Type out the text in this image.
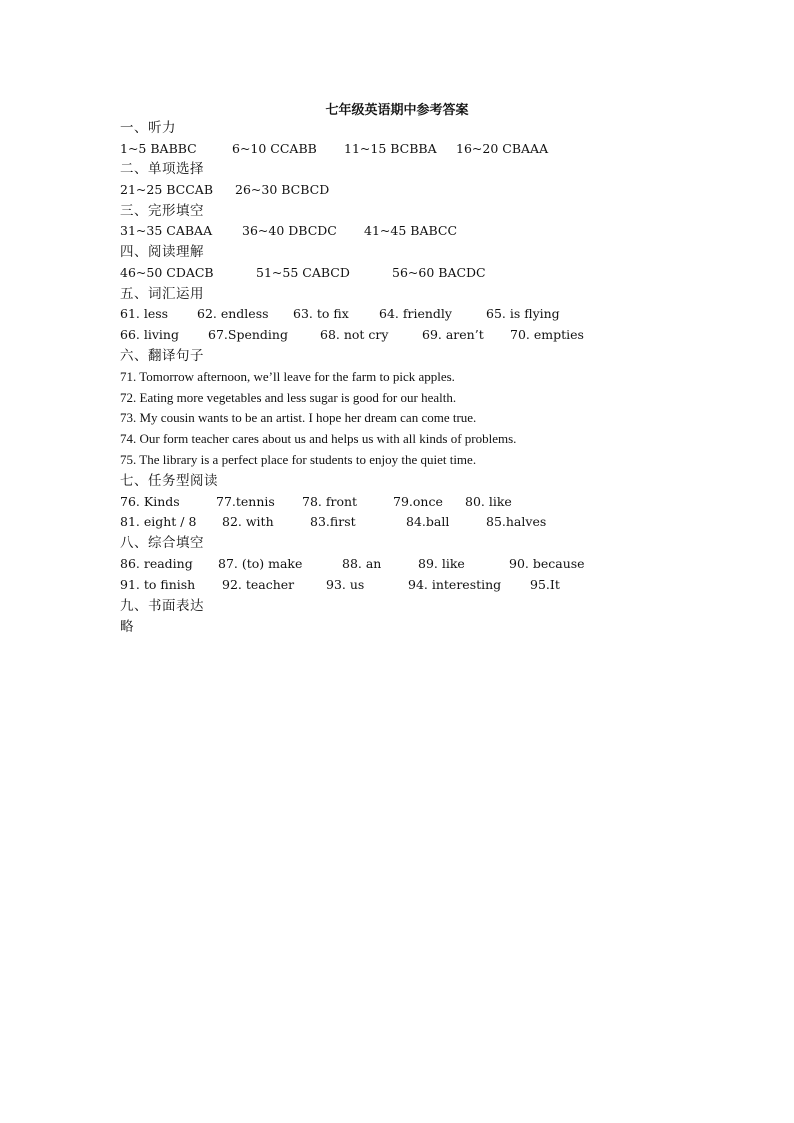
七年级英语期中参考答案
一、听力
1~5 BABBC	6~10 CCABB 11~15 BCBBA 16~20 CBAAA
二、单项选择
21~25 BCCAB 26~30 BCBCD
三、完形填空
31~35 CABAA 36~40 DBCDC 41~45 BABCC
四、阅读理解
46~50 CDACB	51~55 CABCD	56~60 BACDC
五、词汇运用
61. less 62. endless 63. to fix 64. friendly	65. is flying
66. living 67.Spending	68. not cry	69. aren’t 70. empties
六、翻译句子
71. Tomorrow afternoon, we’ll leave for the farm to pick apples.
72. Eating more vegetables and less sugar is good for our health.
73. My cousin wants to be an artist. I hope her dream can come true.
74. Our form teacher cares about us and helps us with all kinds of problems.
75. The library is a perfect place for students to enjoy the quiet time.
七、任务型阅读
76. Kinds	77.tennis 78. front	79.once 80. like
81. eight / 8 82. with	83.first	84.ball	85.halves
八、综合填空
86. reading 87. (to) make	88. an	89. like	90. because
91. to finish 92. teacher	93. us	94. interesting 95.It
九、书面表达
略
